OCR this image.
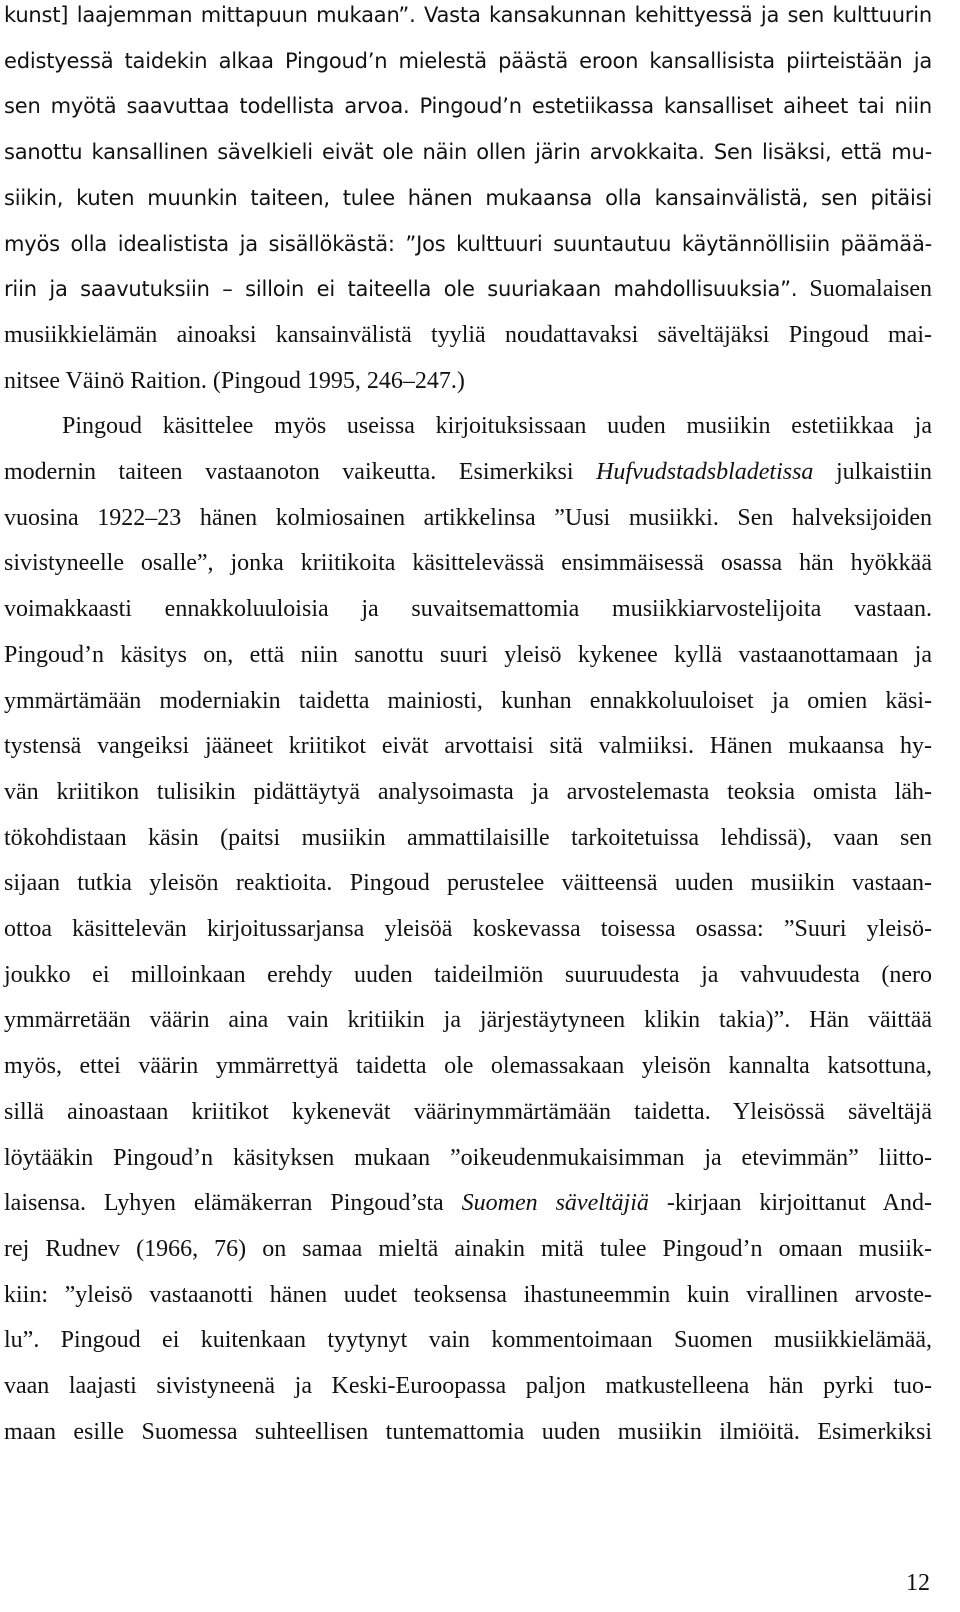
kunst] laajemman mittapuun mukaan”. Vasta kansakunnan kehittyessä ja sen kulttuurin

edistyessä taidekin alkaa Pingoud’n mielestä päästä eroon kansallisista piirteistään ja

sen myötä saavuttaa todellista arvoa. Pingoud’n estetiikassa kansalliset aiheet tai niin

sanottu kansallinen sävelkieli eivät ole näin ollen järin arvokkaita. Sen lisäksi, että mu-

siikin, kuten muunkin taiteen, tulee hänen mukaansa olla kansainvälistä, sen pitäisi

myös olla idealistista ja sisällökästä: ”Jos kulttuuri suuntautuu käytännöllisiin päämää-

riin ja saavutuksiin – silloin ei taiteella ole suuriakaan mahdollisuuksia”. Suomalaisen

musiikkielämän ainoaksi kansainvälistä tyyliä noudattavaksi säveltäjäksi Pingoud mai-

nitsee Väinö Raition. (Pingoud 1995, 246–247.)

Pingoud käsittelee myös useissa kirjoituksissaan uuden musiikin estetiikkaa ja

modernin taiteen vastaanoton vaikeutta. Esimerkiksi Hufvudstadsbladetissa julkaistiin

vuosina 1922–23 hänen kolmiosainen artikkelinsa ”Uusi musiikki. Sen halveksijoiden

sivistyneelle osalle”, jonka kriitikoita käsittelevässä ensimmäisessä osassa hän hyökkää

voimakkaasti ennakkoluuloisia ja suvaitsemattomia musiikkiarvostelijoita vastaan.

Pingoud’n käsitys on, että niin sanottu suuri yleisö kykenee kyllä vastaanottamaan ja

ymmärtämään moderniakin taidetta mainiosti, kunhan ennakkoluuloiset ja omien käsi-

tystensä vangeiksi jääneet kriitikot eivät arvottaisi sitä valmiiksi. Hänen mukaansa hy-

vän kriitikon tulisikin pidättäytyä analysoimasta ja arvostelemasta teoksia omista läh-

tökohdistaan käsin (paitsi musiikin ammattilaisille tarkoitetuissa lehdissä), vaan sen

sijaan tutkia yleisön reaktioita. Pingoud perustelee väitteensä uuden musiikin vastaan-

ottoa käsittelevän kirjoitussarjansa yleisöä koskevassa toisessa osassa: ”Suuri yleisö-

joukko ei milloinkaan erehdy uuden taideilmiön suuruudesta ja vahvuudesta (nero

ymmärretään väärin aina vain kritiikin ja järjestäytyneen klikin takia)”. Hän väittää

myös, ettei väärin ymmärrettyä taidetta ole olemassakaan yleisön kannalta katsottuna,

sillä ainoastaan kriitikot kykenevät väärinymmärtämään taidetta. Yleisössä säveltäjä

löytääkin Pingoud’n käsityksen mukaan ”oikeudenmukaisimman ja etevimmän” liitto-

laisensa. Lyhyen elämäkerran Pingoud’sta Suomen säveltäjiä -kirjaan kirjoittanut And-

rej Rudnev (1966, 76) on samaa mieltä ainakin mitä tulee Pingoud’n omaan musiik-

kiin: ”yleisö vastaanotti hänen uudet teoksensa ihastuneemmin kuin virallinen arvoste-

lu”. Pingoud ei kuitenkaan tyytynyt vain kommentoimaan Suomen musiikkielämää,

vaan laajasti sivistyneenä ja Keski-Euroopassa paljon matkustelleena hän pyrki tuo-

maan esille Suomessa suhteellisen tuntemattomia uuden musiikin ilmiöitä. Esimerkiksi

12
